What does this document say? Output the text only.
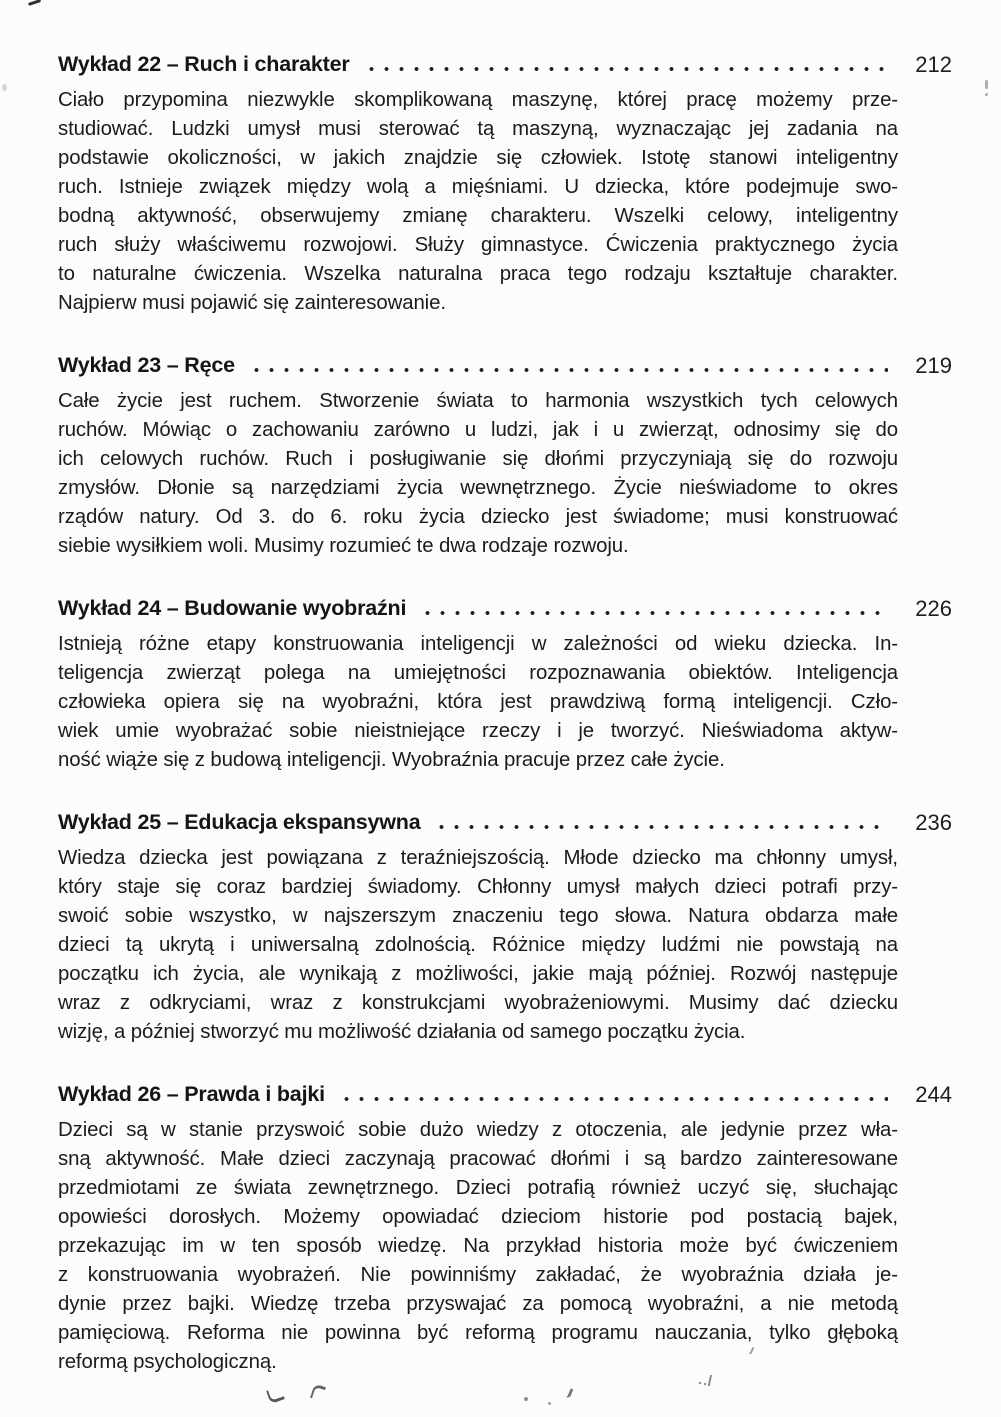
Wykład 22 – Ruch i charakter	212
Ciało przypomina niezwykle skomplikowaną maszynę, której pracę możemy prze-
studiować. Ludzki umysł musi sterować tą maszyną, wyznaczając jej zadania na
podstawie okoliczności, w jakich znajdzie się człowiek. Istotę stanowi inteligentny
ruch. Istnieje związek między wolą a mięśniami. U dziecka, które podejmuje swo-
bodną aktywność, obserwujemy zmianę charakteru. Wszelki celowy, inteligentny
ruch służy właściwemu rozwojowi. Służy gimnastyce. Ćwiczenia praktycznego życia
to naturalne ćwiczenia. Wszelka naturalna praca tego rodzaju kształtuje charakter.
Najpierw musi pojawić się zainteresowanie.
Wykład 23 – Ręce	219
Całe życie jest ruchem. Stworzenie świata to harmonia wszystkich tych celowych
ruchów. Mówiąc o zachowaniu zarówno u ludzi, jak i u zwierząt, odnosimy się do
ich celowych ruchów. Ruch i posługiwanie się dłońmi przyczyniają się do rozwoju
zmysłów. Dłonie są narzędziami życia wewnętrznego. Życie nieświadome to okres
rządów natury. Od 3. do 6. roku życia dziecko jest świadome; musi konstruować
siebie wysiłkiem woli. Musimy rozumieć te dwa rodzaje rozwoju.
Wykład 24 – Budowanie wyobraźni	226
Istnieją różne etapy konstruowania inteligencji w zależności od wieku dziecka. In-
teligencja zwierząt polega na umiejętności rozpoznawania obiektów. Inteligencja
człowieka opiera się na wyobraźni, która jest prawdziwą formą inteligencji. Czło-
wiek umie wyobrażać sobie nieistniejące rzeczy i je tworzyć. Nieświadoma aktyw-
ność wiąże się z budową inteligencji. Wyobraźnia pracuje przez całe życie.
Wykład 25 – Edukacja ekspansywna	236
Wiedza dziecka jest powiązana z teraźniejszością. Młode dziecko ma chłonny umysł,
który staje się coraz bardziej świadomy. Chłonny umysł małych dzieci potrafi przy-
swoić sobie wszystko, w najszerszym znaczeniu tego słowa. Natura obdarza małe
dzieci tą ukrytą i uniwersalną zdolnością. Różnice między ludźmi nie powstają na
początku ich życia, ale wynikają z możliwości, jakie mają później. Rozwój następuje
wraz z odkryciami, wraz z konstrukcjami wyobrażeniowymi. Musimy dać dziecku
wizję, a później stworzyć mu możliwość działania od samego początku życia.
Wykład 26 – Prawda i bajki	244
Dzieci są w stanie przyswoić sobie dużo wiedzy z otoczenia, ale jedynie przez wła-
sną aktywność. Małe dzieci zaczynają pracować dłońmi i są bardzo zainteresowane
przedmiotami ze świata zewnętrznego. Dzieci potrafią również uczyć się, słuchając
opowieści dorosłych. Możemy opowiadać dzieciom historie pod postacią bajek,
przekazując im w ten sposób wiedzę. Na przykład historia może być ćwiczeniem
z konstruowania wyobrażeń. Nie powinniśmy zakładać, że wyobraźnia działa je-
dynie przez bajki. Wiedzę trzeba przyswajać za pomocą wyobraźni, a nie metodą
pamięciową. Reforma nie powinna być reformą programu nauczania, tylko głęboką
reformą psychologiczną.
